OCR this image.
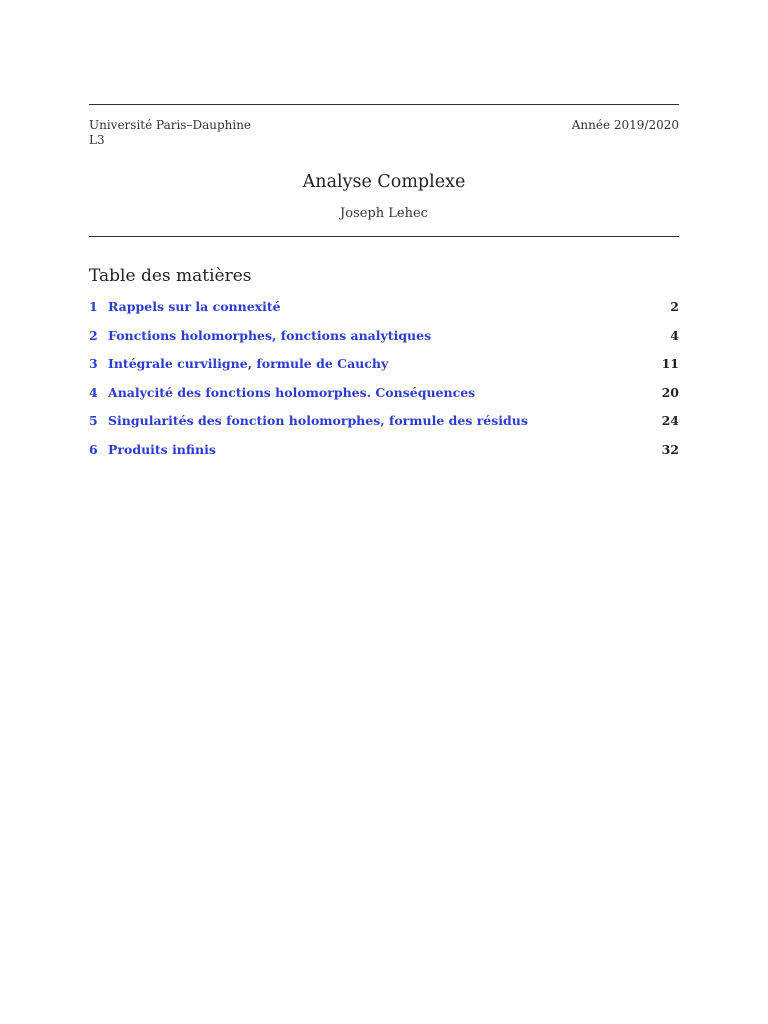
Université Paris–Dauphine
L3
Année 2019/2020
Analyse Complexe
Joseph Lehec
Table des matières
1 Rappels sur la connexité	2
2 Fonctions holomorphes, fonctions analytiques	4
3 Intégrale curviligne, formule de Cauchy	11
4 Analycité des fonctions holomorphes. Conséquences	20
5 Singularités des fonction holomorphes, formule des résidus	24
6 Produits infinis	32
